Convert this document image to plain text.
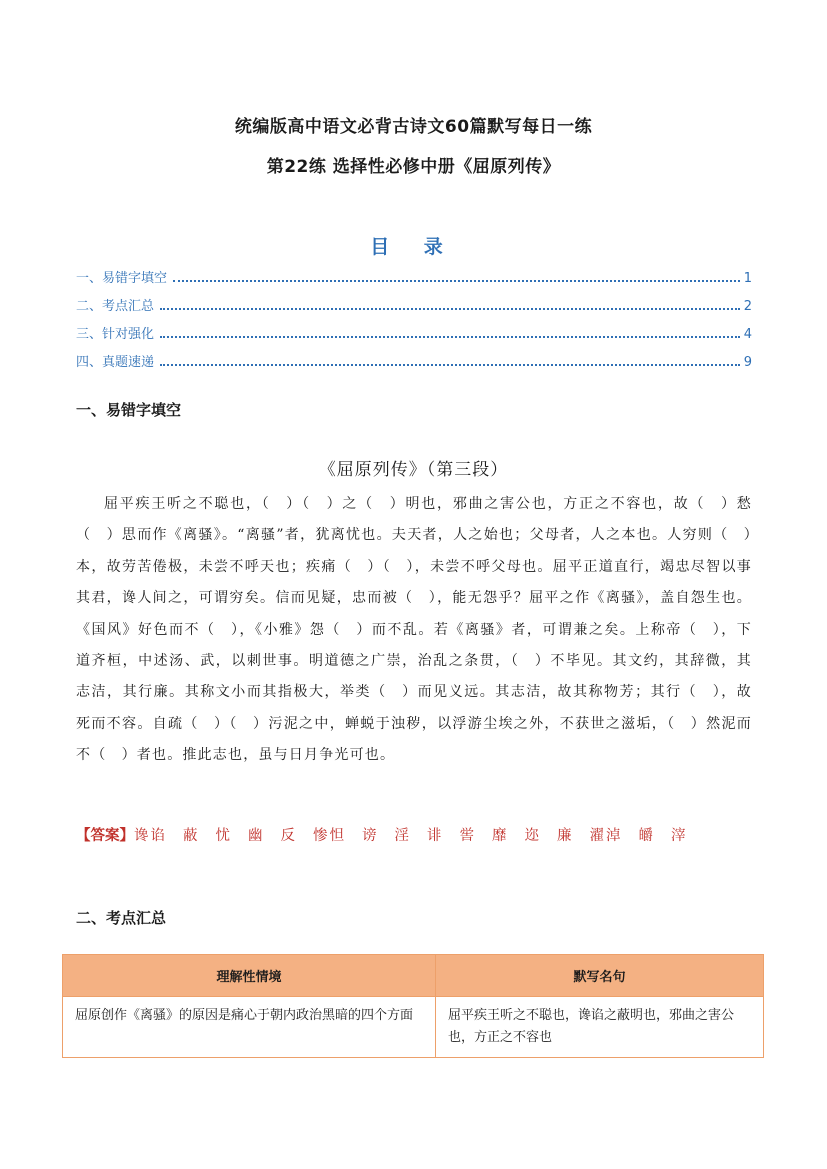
统编版高中语文必背古诗文60篇默写每日一练
第22练 选择性必修中册《屈原列传》
目 录
一、易错字填空	1
二、考点汇总	2
三、针对强化	4
四、真题速递	9
一、易错字填空
《屈原列传》（第三段）

屈平疾王听之不聪也，（　）（　）之（　）明也，邪曲之害公也，方正之不容也，故（　）愁（　）思而作《离骚》。“离骚”者，犹离忧也。夫天者，人之始也；父母者，人之本也。人穷则（　）本，故劳苦倦极，未尝不呼天也；疾痛（　）（　），未尝不呼父母也。屈平正道直行，竭忠尽智以事其君，谗人间之，可谓穷矣。信而见疑，忠而被（　），能无怨乎？屈平之作《离骚》，盖自怨生也。《国风》好色而不（　），《小雅》怨（　）而不乱。若《离骚》者，可谓兼之矣。上称帝（　），下道齐桓，中述汤、武，以刺世事。明道德之广崇，治乱之条贯，（　）不毕见。其文约，其辞微，其志洁，其行廉。其称文小而其指极大，举类（　）而见义远。其志洁，故其称物芳；其行（　），故死而不容。自疏（　）（　）污泥之中，蝉蜕于浊秽，以浮游尘埃之外，不获世之滋垢，（　）然泥而不（　）者也。推此志也，虽与日月争光可也。

【答案】谗谄 蔽 忧 幽 反 惨怛 谤 淫 诽 喾 靡 迩 廉 濯淖 皭 滓

二、考点汇总
理解性情境	默写名句
屈原创作《离骚》的原因是痛心于朝内政治黑暗的四个方面	屈平疾王听之不聪也，谗谄之蔽明也，邪曲之害公也，方正之不容也
